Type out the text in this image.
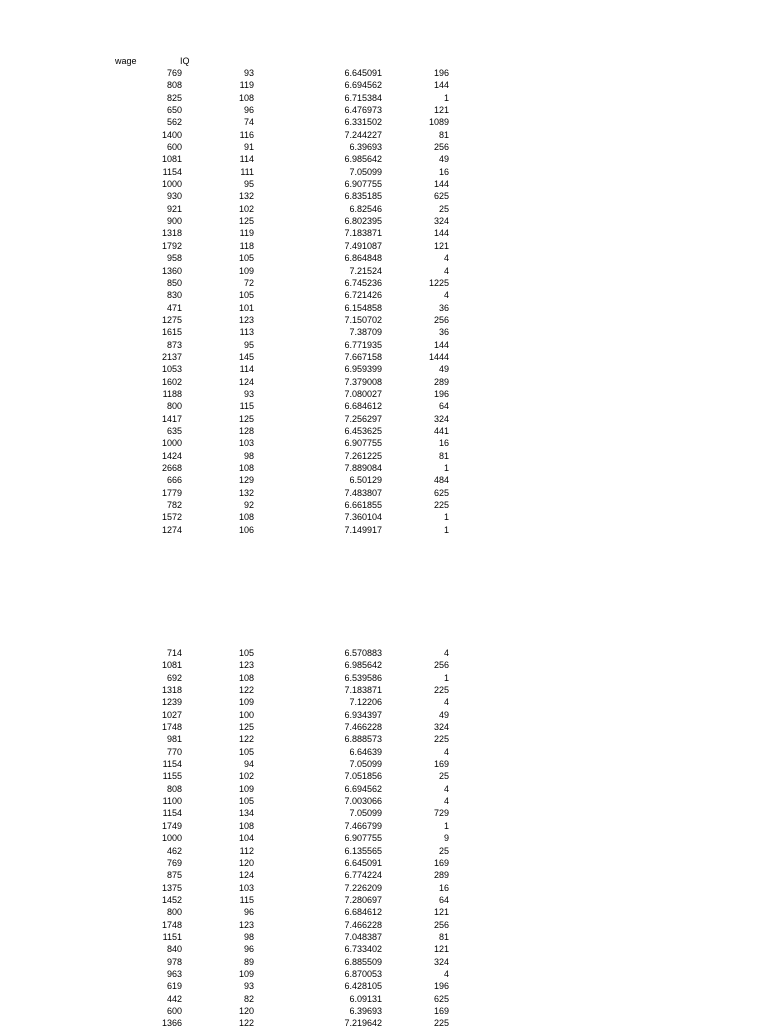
wage	IQ
769	93	6.645091	196
808	119	6.694562	144
825	108	6.715384	1
650	96	6.476973	121
562	74	6.331502	1089
1400	116	7.244227	81
600	91	6.39693	256
1081	114	6.985642	49
1154	111	7.05099	16
1000	95	6.907755	144
930	132	6.835185	625
921	102	6.82546	25
900	125	6.802395	324
1318	119	7.183871	144
1792	118	7.491087	121
958	105	6.864848	4
1360	109	7.21524	4
850	72	6.745236	1225
830	105	6.721426	4
471	101	6.154858	36
1275	123	7.150702	256
1615	113	7.38709	36
873	95	6.771935	144
2137	145	7.667158	1444
1053	114	6.959399	49
1602	124	7.379008	289
1188	93	7.080027	196
800	115	6.684612	64
1417	125	7.256297	324
635	128	6.453625	441
1000	103	6.907755	16
1424	98	7.261225	81
2668	108	7.889084	1
666	129	6.50129	484
1779	132	7.483807	625
782	92	6.661855	225
1572	108	7.360104	1
1274	106	7.149917	1
714	105	6.570883	4
1081	123	6.985642	256
692	108	6.539586	1
1318	122	7.183871	225
1239	109	7.12206	4
1027	100	6.934397	49
1748	125	7.466228	324
981	122	6.888573	225
770	105	6.64639	4
1154	94	7.05099	169
1155	102	7.051856	25
808	109	6.694562	4
1100	105	7.003066	4
1154	134	7.05099	729
1749	108	7.466799	1
1000	104	6.907755	9
462	112	6.135565	25
769	120	6.645091	169
875	124	6.774224	289
1375	103	7.226209	16
1452	115	7.280697	64
800	96	6.684612	121
1748	123	7.466228	256
1151	98	7.048387	81
840	96	6.733402	121
978	89	6.885509	324
963	109	6.870053	4
619	93	6.428105	196
442	82	6.09131	625
600	120	6.39693	169
1366	122	7.219642	225
